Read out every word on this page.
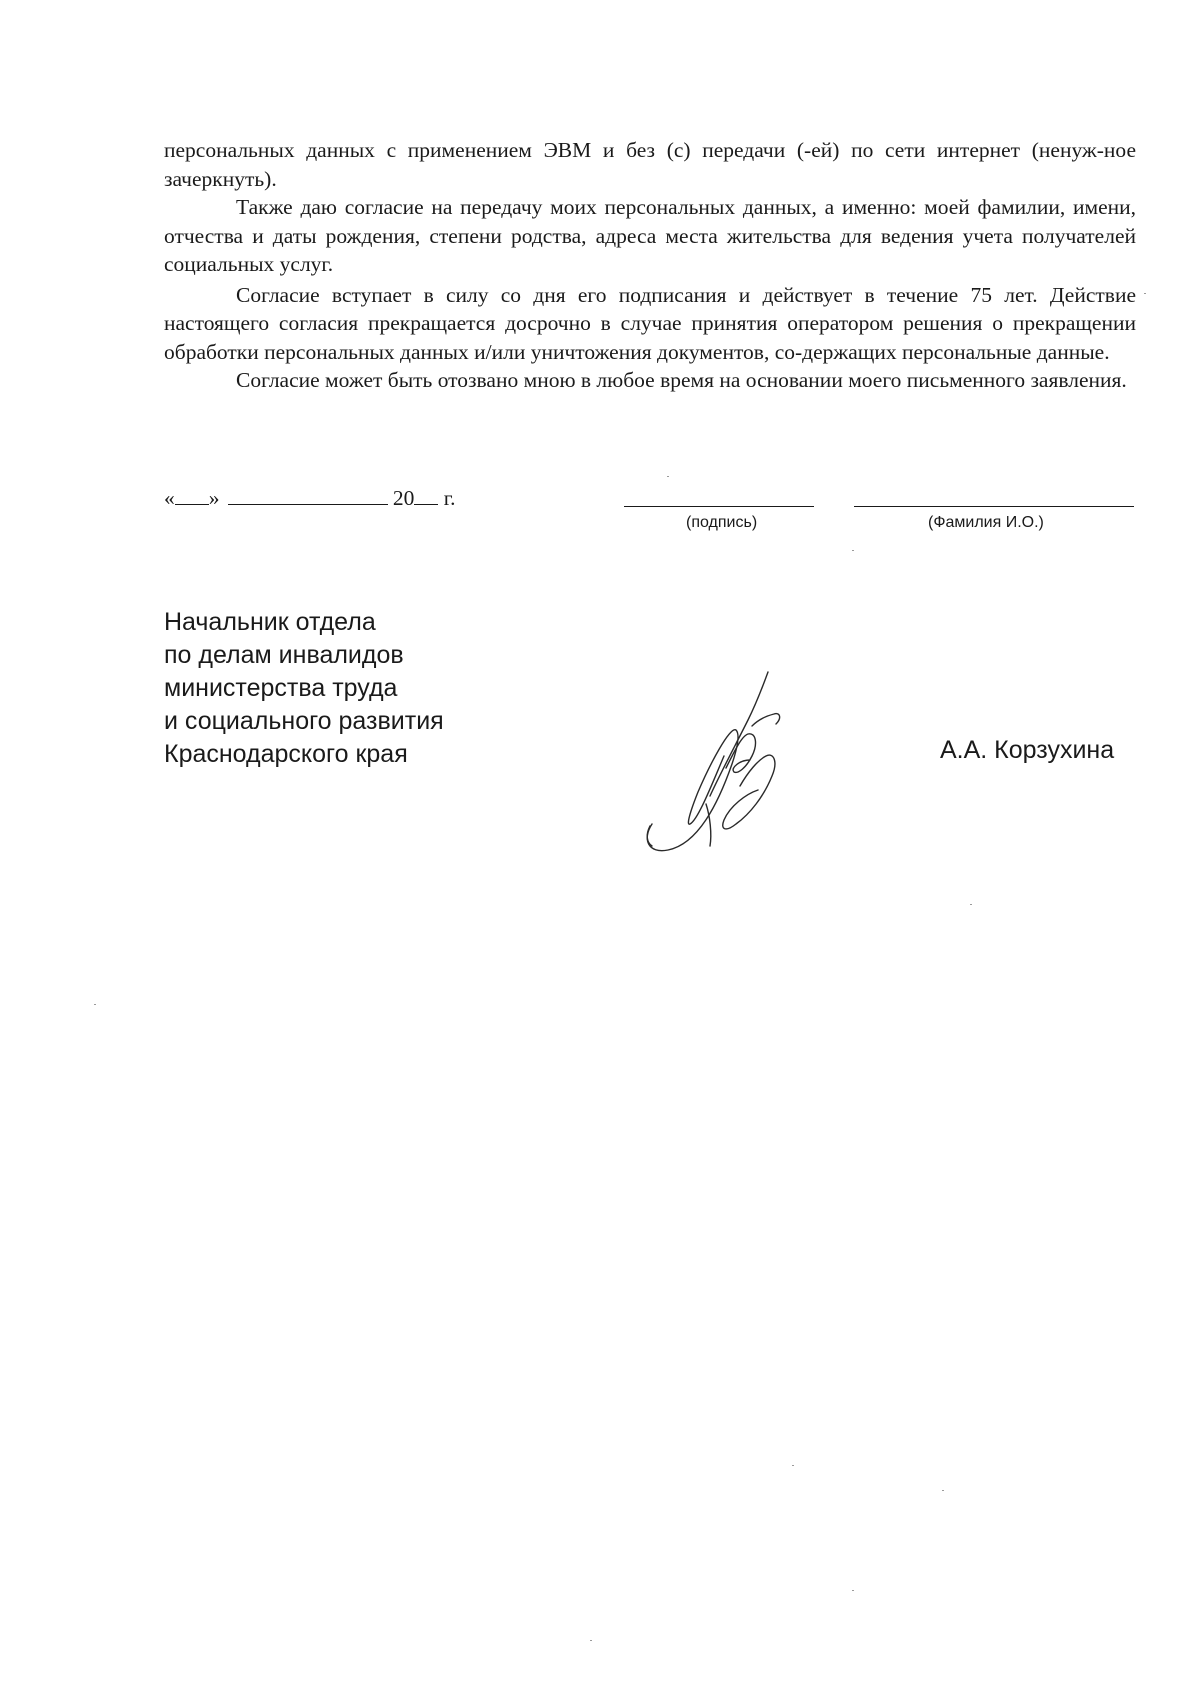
персональных данных с применением ЭВМ и без (с) передачи (-ей) по сети интернет (ненуж-ное зачеркнуть).

Также даю согласие на передачу моих персональных данных, а именно: моей фамилии, имени, отчества и даты рождения, степени родства, адреса места жительства для ведения учета получателей социальных услуг.

Согласие вступает в силу со дня его подписания и действует в течение 75 лет. Действие настоящего согласия прекращается досрочно в случае принятия оператором решения о прекращении обработки персональных данных и/или уничтожения документов, со-держащих персональные данные.

Согласие может быть отозвано мною в любое время на основании моего письменного заявления.

« »	20 г.
(подпись)	(Фамилия И.О.)
Начальник отдела
по делам инвалидов
министерства труда
и социального развития
Краснодарского края	А.А. Корзухина
